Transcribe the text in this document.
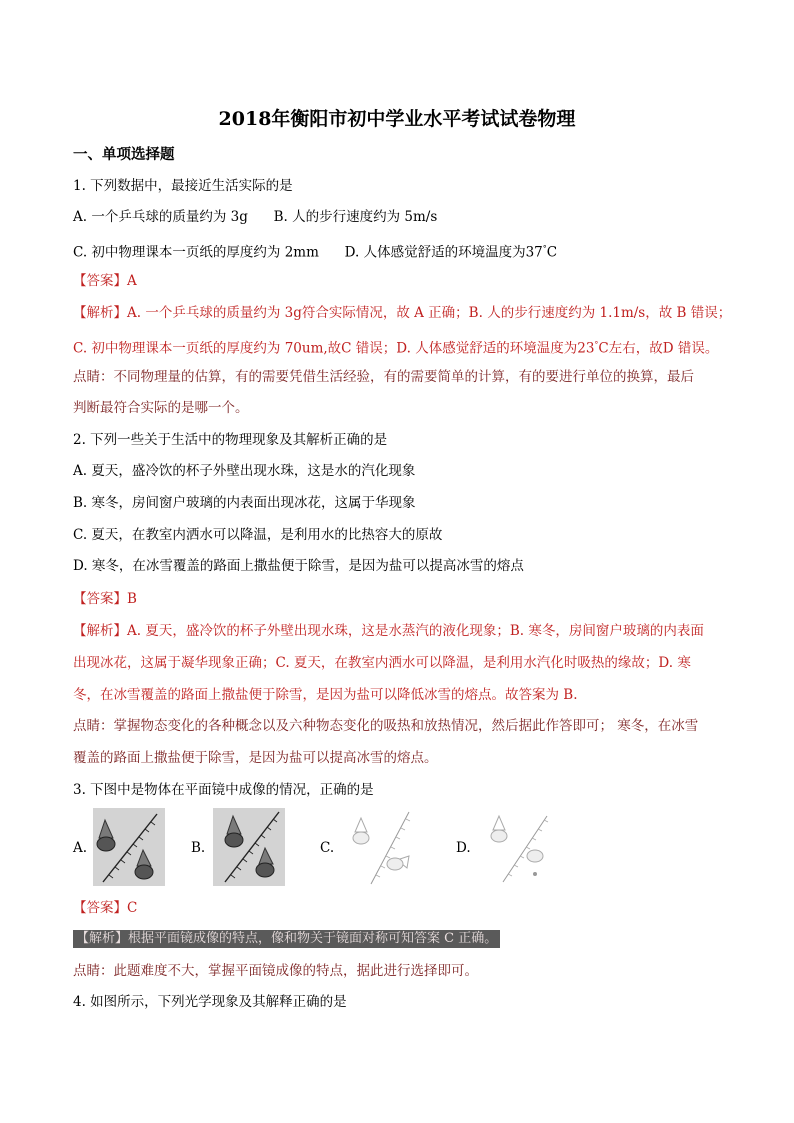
2018年衡阳市初中学业水平考试试卷物理
一、单项选择题
1. 下列数据中，最接近生活实际的是
A. 一个乒乓球的质量约为 3g      B. 人的步行速度约为 5m/s
C. 初中物理课本一页纸的厚度约为 2mm      D. 人体感觉舒适的环境温度为37°C
【答案】A
【解析】A. 一个乒乓球的质量约为 3g符合实际情况，故 A 正确；B. 人的步行速度约为 1.1m/s，故 B 错误；
C. 初中物理课本一页纸的厚度约为 70um,故C 错误；D. 人体感觉舒适的环境温度为23°C左右，故D 错误。
点睛：不同物理量的估算，有的需要凭借生活经验，有的需要简单的计算，有的要进行单位的换算，最后
判断最符合实际的是哪一个。
2. 下列一些关于生活中的物理现象及其解析正确的是
A. 夏天，盛冷饮的杯子外壁出现水珠，这是水的汽化现象
B. 寒冬，房间窗户玻璃的内表面出现冰花，这属于华现象
C. 夏天，在教室内洒水可以降温，是利用水的比热容大的原故
D. 寒冬，在冰雪覆盖的路面上撒盐便于除雪，是因为盐可以提高冰雪的熔点
【答案】B
【解析】A. 夏天，盛冷饮的杯子外壁出现水珠，这是水蒸汽的液化现象；B. 寒冬，房间窗户玻璃的内表面
出现冰花，这属于凝华现象正确；C. 夏天，在教室内洒水可以降温，是利用水汽化时吸热的缘故；D. 寒
冬，在冰雪覆盖的路面上撒盐便于除雪，是因为盐可以降低冰雪的熔点。故答案为 B.
点睛：掌握物态变化的各种概念以及六种物态变化的吸热和放热情况，然后据此作答即可； 寒冬，在冰雪
覆盖的路面上撒盐便于除雪，是因为盐可以提高冰雪的熔点。
3. 下图中是物体在平面镜中成像的情况，正确的是
A.	B.	C.	D.
【答案】C
【解析】根据平面镜成像的特点，像和物关于镜面对称可知答案 C 正确。
点睛：此题难度不大，掌握平面镜成像的特点，据此进行选择即可。
4. 如图所示，下列光学现象及其解释正确的是
